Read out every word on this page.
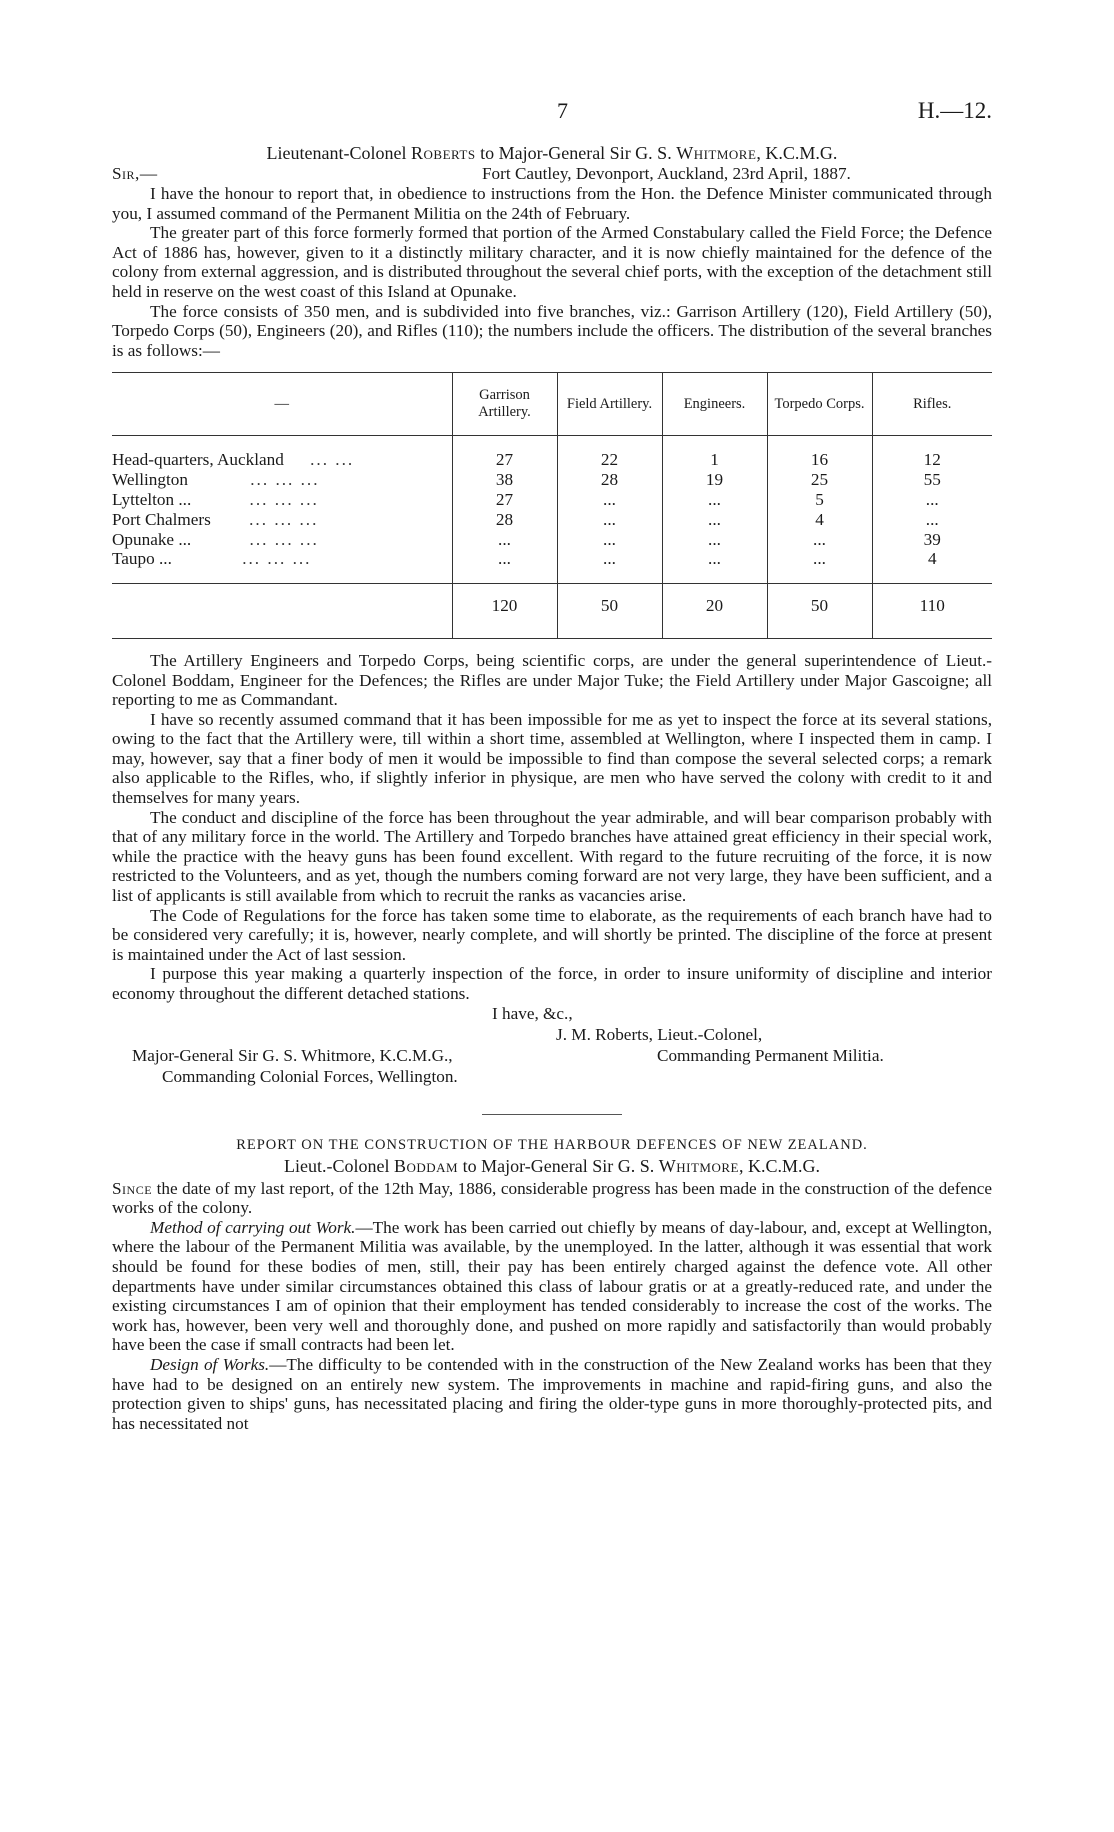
7	H.—12.
Lieutenant-Colonel Roberts to Major-General Sir G. S. Whitmore, K.C.M.G.
Sir,—	Fort Cautley, Devonport, Auckland, 23rd April, 1887.

I have the honour to report that, in obedience to instructions from the Hon. the Defence Minister communicated through you, I assumed command of the Permanent Militia on the 24th of February.

The greater part of this force formerly formed that portion of the Armed Constabulary called the Field Force; the Defence Act of 1886 has, however, given to it a distinctly military character, and it is now chiefly maintained for the defence of the colony from external aggression, and is distributed throughout the several chief ports, with the exception of the detachment still held in reserve on the west coast of this Island at Opunake.

The force consists of 350 men, and is subdivided into five branches, viz.: Garrison Artillery (120), Field Artillery (50), Torpedo Corps (50), Engineers (20), and Rifles (110); the numbers include the officers. The distribution of the several branches is as follows:—

—	Garrison Artillery.	Field Artillery.	Engineers.	Torpedo Corps.	Rifles.
Head-quarters, Auckland ... ...	27	22	1	16	12
Wellington ... ... ...	38	28	19	25	55
Lyttelton ... ... ... ...	27	...	...	5	...
Port Chalmers ... ... ...	28	...	...	4	...
Opunake ... ... ... ...	...	...	...	...	39
Taupo ... ... ... ...	...	...	...	...	4
	120	50	20	50	110

The Artillery Engineers and Torpedo Corps, being scientific corps, are under the general superintendence of Lieut.-Colonel Boddam, Engineer for the Defences; the Rifles are under Major Tuke; the Field Artillery under Major Gascoigne; all reporting to me as Commandant.

I have so recently assumed command that it has been impossible for me as yet to inspect the force at its several stations, owing to the fact that the Artillery were, till within a short time, assembled at Wellington, where I inspected them in camp. I may, however, say that a finer body of men it would be impossible to find than compose the several selected corps; a remark also applicable to the Rifles, who, if slightly inferior in physique, are men who have served the colony with credit to it and themselves for many years.

The conduct and discipline of the force has been throughout the year admirable, and will bear comparison probably with that of any military force in the world. The Artillery and Torpedo branches have attained great efficiency in their special work, while the practice with the heavy guns has been found excellent. With regard to the future recruiting of the force, it is now restricted to the Volunteers, and as yet, though the numbers coming forward are not very large, they have been sufficient, and a list of applicants is still available from which to recruit the ranks as vacancies arise.

The Code of Regulations for the force has taken some time to elaborate, as the requirements of each branch have had to be considered very carefully; it is, however, nearly complete, and will shortly be printed. The discipline of the force at present is maintained under the Act of last session.

I purpose this year making a quarterly inspection of the force, in order to insure uniformity of discipline and interior economy throughout the different detached stations.

I have, &c.,
J. M. Roberts, Lieut.-Colonel,
Major-General Sir G. S. Whitmore, K.C.M.G.,	Commanding Permanent Militia.
Commanding Colonial Forces, Wellington.
REPORT ON THE CONSTRUCTION OF THE HARBOUR DEFENCES OF NEW ZEALAND.
Lieut.-Colonel Boddam to Major-General Sir G. S. Whitmore, K.C.M.G.

Since the date of my last report, of the 12th May, 1886, considerable progress has been made in the construction of the defence works of the colony.

Method of carrying out Work.—The work has been carried out chiefly by means of day-labour, and, except at Wellington, where the labour of the Permanent Militia was available, by the unemployed. In the latter, although it was essential that work should be found for these bodies of men, still, their pay has been entirely charged against the defence vote. All other departments have under similar circumstances obtained this class of labour gratis or at a greatly-reduced rate, and under the existing circumstances I am of opinion that their employment has tended considerably to increase the cost of the works. The work has, however, been very well and thoroughly done, and pushed on more rapidly and satisfactorily than would probably have been the case if small contracts had been let.

Design of Works.—The difficulty to be contended with in the construction of the New Zealand works has been that they have had to be designed on an entirely new system. The improvements in machine and rapid-firing guns, and also the protection given to ships' guns, has necessitated placing and firing the older-type guns in more thoroughly-protected pits, and has necessitated not
